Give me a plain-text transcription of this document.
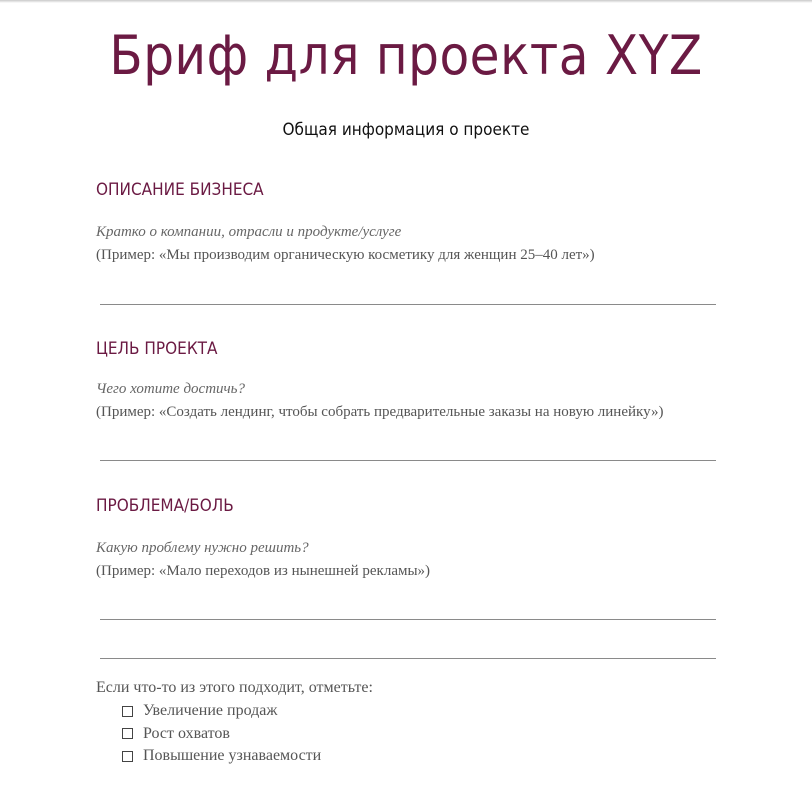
Бриф для проекта XYZ
Общая информация о проекте
ОПИСАНИЕ БИЗНЕСА
Кратко о компании, отрасли и продукте/услуге
(Пример: «Мы производим органическую косметику для женщин 25–40 лет»)
ЦЕЛЬ ПРОЕКТА
Чего хотите достичь?
(Пример: «Создать лендинг, чтобы собрать предварительные заказы на новую линейку»)
ПРОБЛЕМА/БОЛЬ
Какую проблему нужно решить?
(Пример: «Мало переходов из нынешней рекламы»)
Если что-то из этого подходит, отметьте:
Увеличение продаж
Рост охватов
Повышение узнаваемости
